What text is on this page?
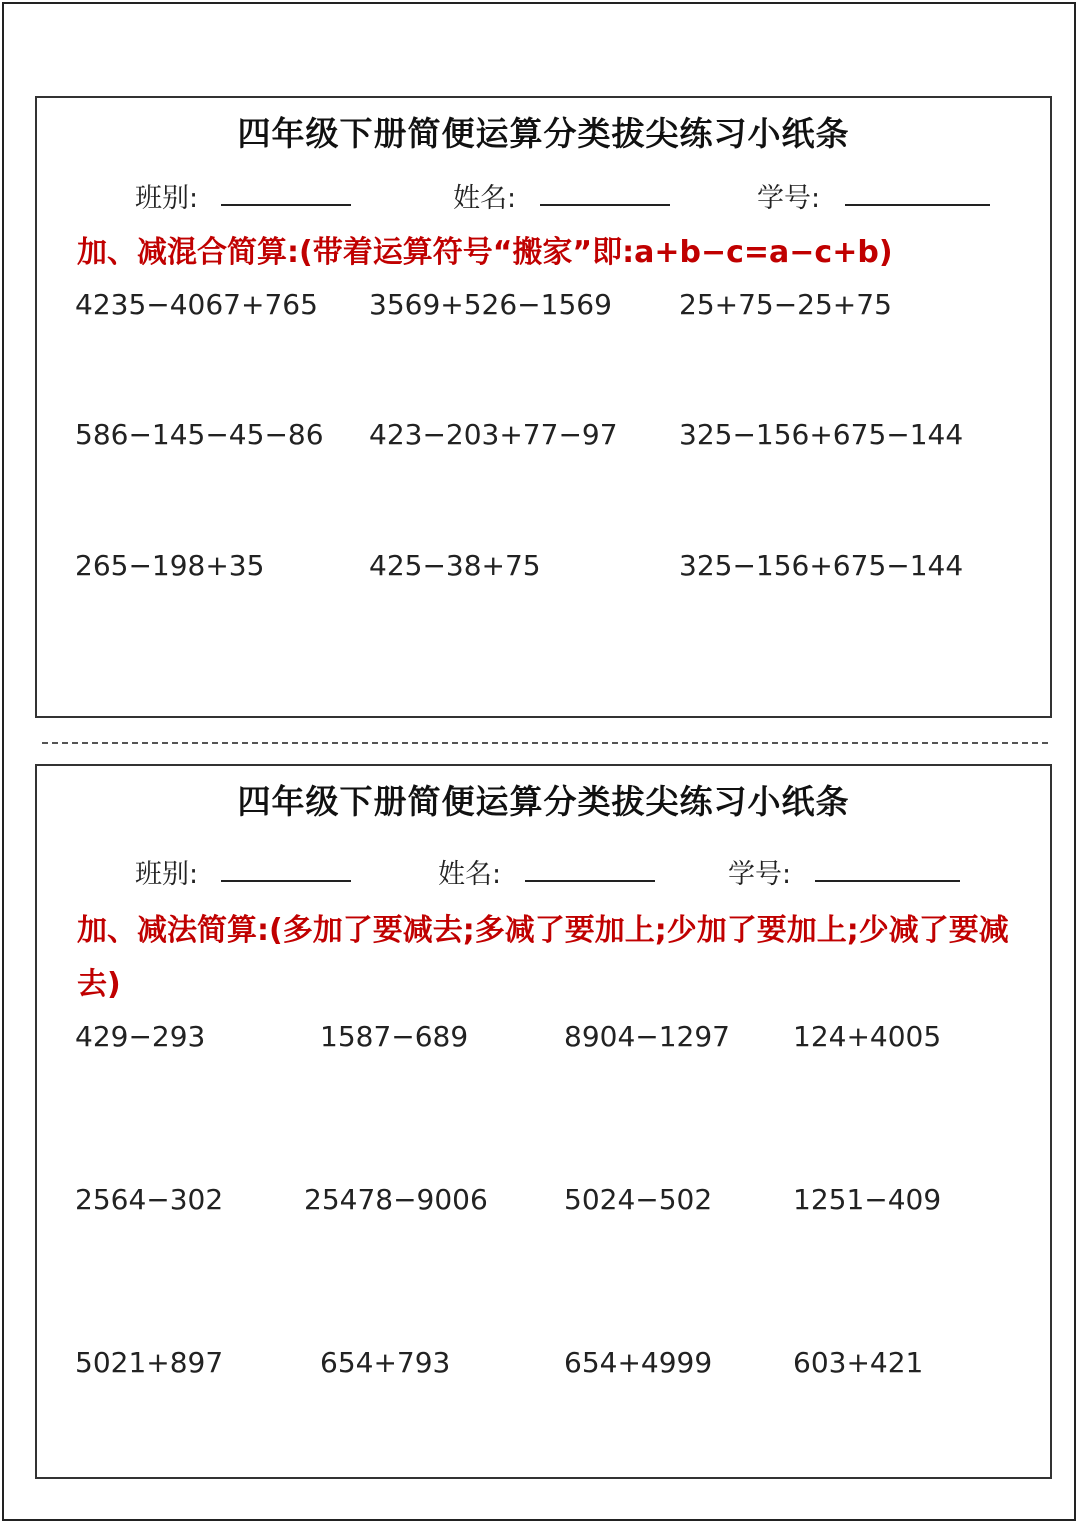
四年级下册简便运算分类拔尖练习小纸条
班别:	姓名:	学号:
加、减混合简算:(带着运算符号“搬家”即:a+b−c=a−c+b)
4235−4067+765 3569+526−1569 25+75−25+75
586−145−45−86 423−203+77−97 325−156+675−144
265−198+35	425−38+75	325−156+675−144
四年级下册简便运算分类拔尖练习小纸条
班别:	姓名:	学号:
加、减法简算:(多加了要减去;多减了要加上;少加了要加上;少减了要减去)
429−293	1587−689	8904−1297 124+4005
2564−302	25478−9006	5024−502	1251−409
5021+897	654+793	654+4999	603+421
